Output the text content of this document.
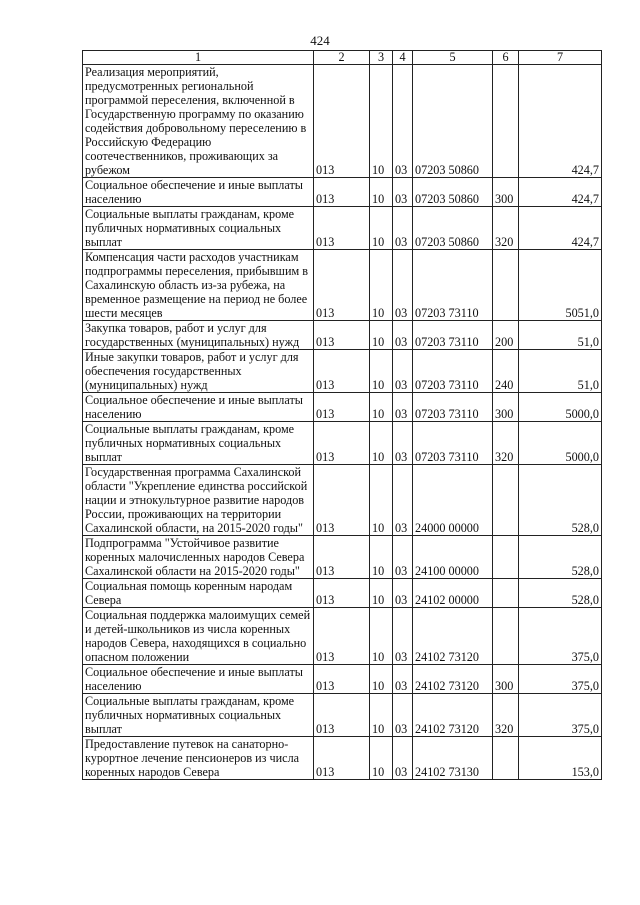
424
1	2	3	4	5	6	7
Реализация мероприятий, предусмотренных региональной программой переселения, включенной в Государственную программу по оказанию содействия добровольному переселению в Российскую Федерацию соотечественников, проживающих за рубежом	013	10	03	07203 50860		424,7
Социальное обеспечение и иные выплаты населению	013	10	03	07203 50860	300	424,7
Социальные выплаты гражданам, кроме публичных нормативных социальных выплат	013	10	03	07203 50860	320	424,7
Компенсация части расходов участникам подпрограммы переселения, прибывшим в Сахалинскую область из-за рубежа, на временное размещение на период не более шести месяцев	013	10	03	07203 73110		5051,0
Закупка товаров, работ и услуг для государственных (муниципальных) нужд	013	10	03	07203 73110	200	51,0
Иные закупки товаров, работ и услуг для обеспечения государственных (муниципальных) нужд	013	10	03	07203 73110	240	51,0
Социальное обеспечение и иные выплаты населению	013	10	03	07203 73110	300	5000,0
Социальные выплаты гражданам, кроме публичных нормативных социальных выплат	013	10	03	07203 73110	320	5000,0
Государственная программа Сахалинской области "Укрепление единства российской нации и этнокультурное развитие народов России, проживающих на территории Сахалинской области, на 2015-2020 годы"	013	10	03	24000 00000		528,0
Подпрограмма "Устойчивое развитие коренных малочисленных народов Севера Сахалинской области на 2015-2020 годы"	013	10	03	24100 00000		528,0
Социальная помощь коренным народам Севера	013	10	03	24102 00000		528,0
Социальная поддержка малоимущих семей и детей-школьников из числа коренных народов Севера, находящихся в социально опасном положении	013	10	03	24102 73120		375,0
Социальное обеспечение и иные выплаты населению	013	10	03	24102 73120	300	375,0
Социальные выплаты гражданам, кроме публичных нормативных социальных выплат	013	10	03	24102 73120	320	375,0
Предоставление путевок на санаторно-курортное лечение пенсионеров из числа коренных народов Севера	013	10	03	24102 73130		153,0
